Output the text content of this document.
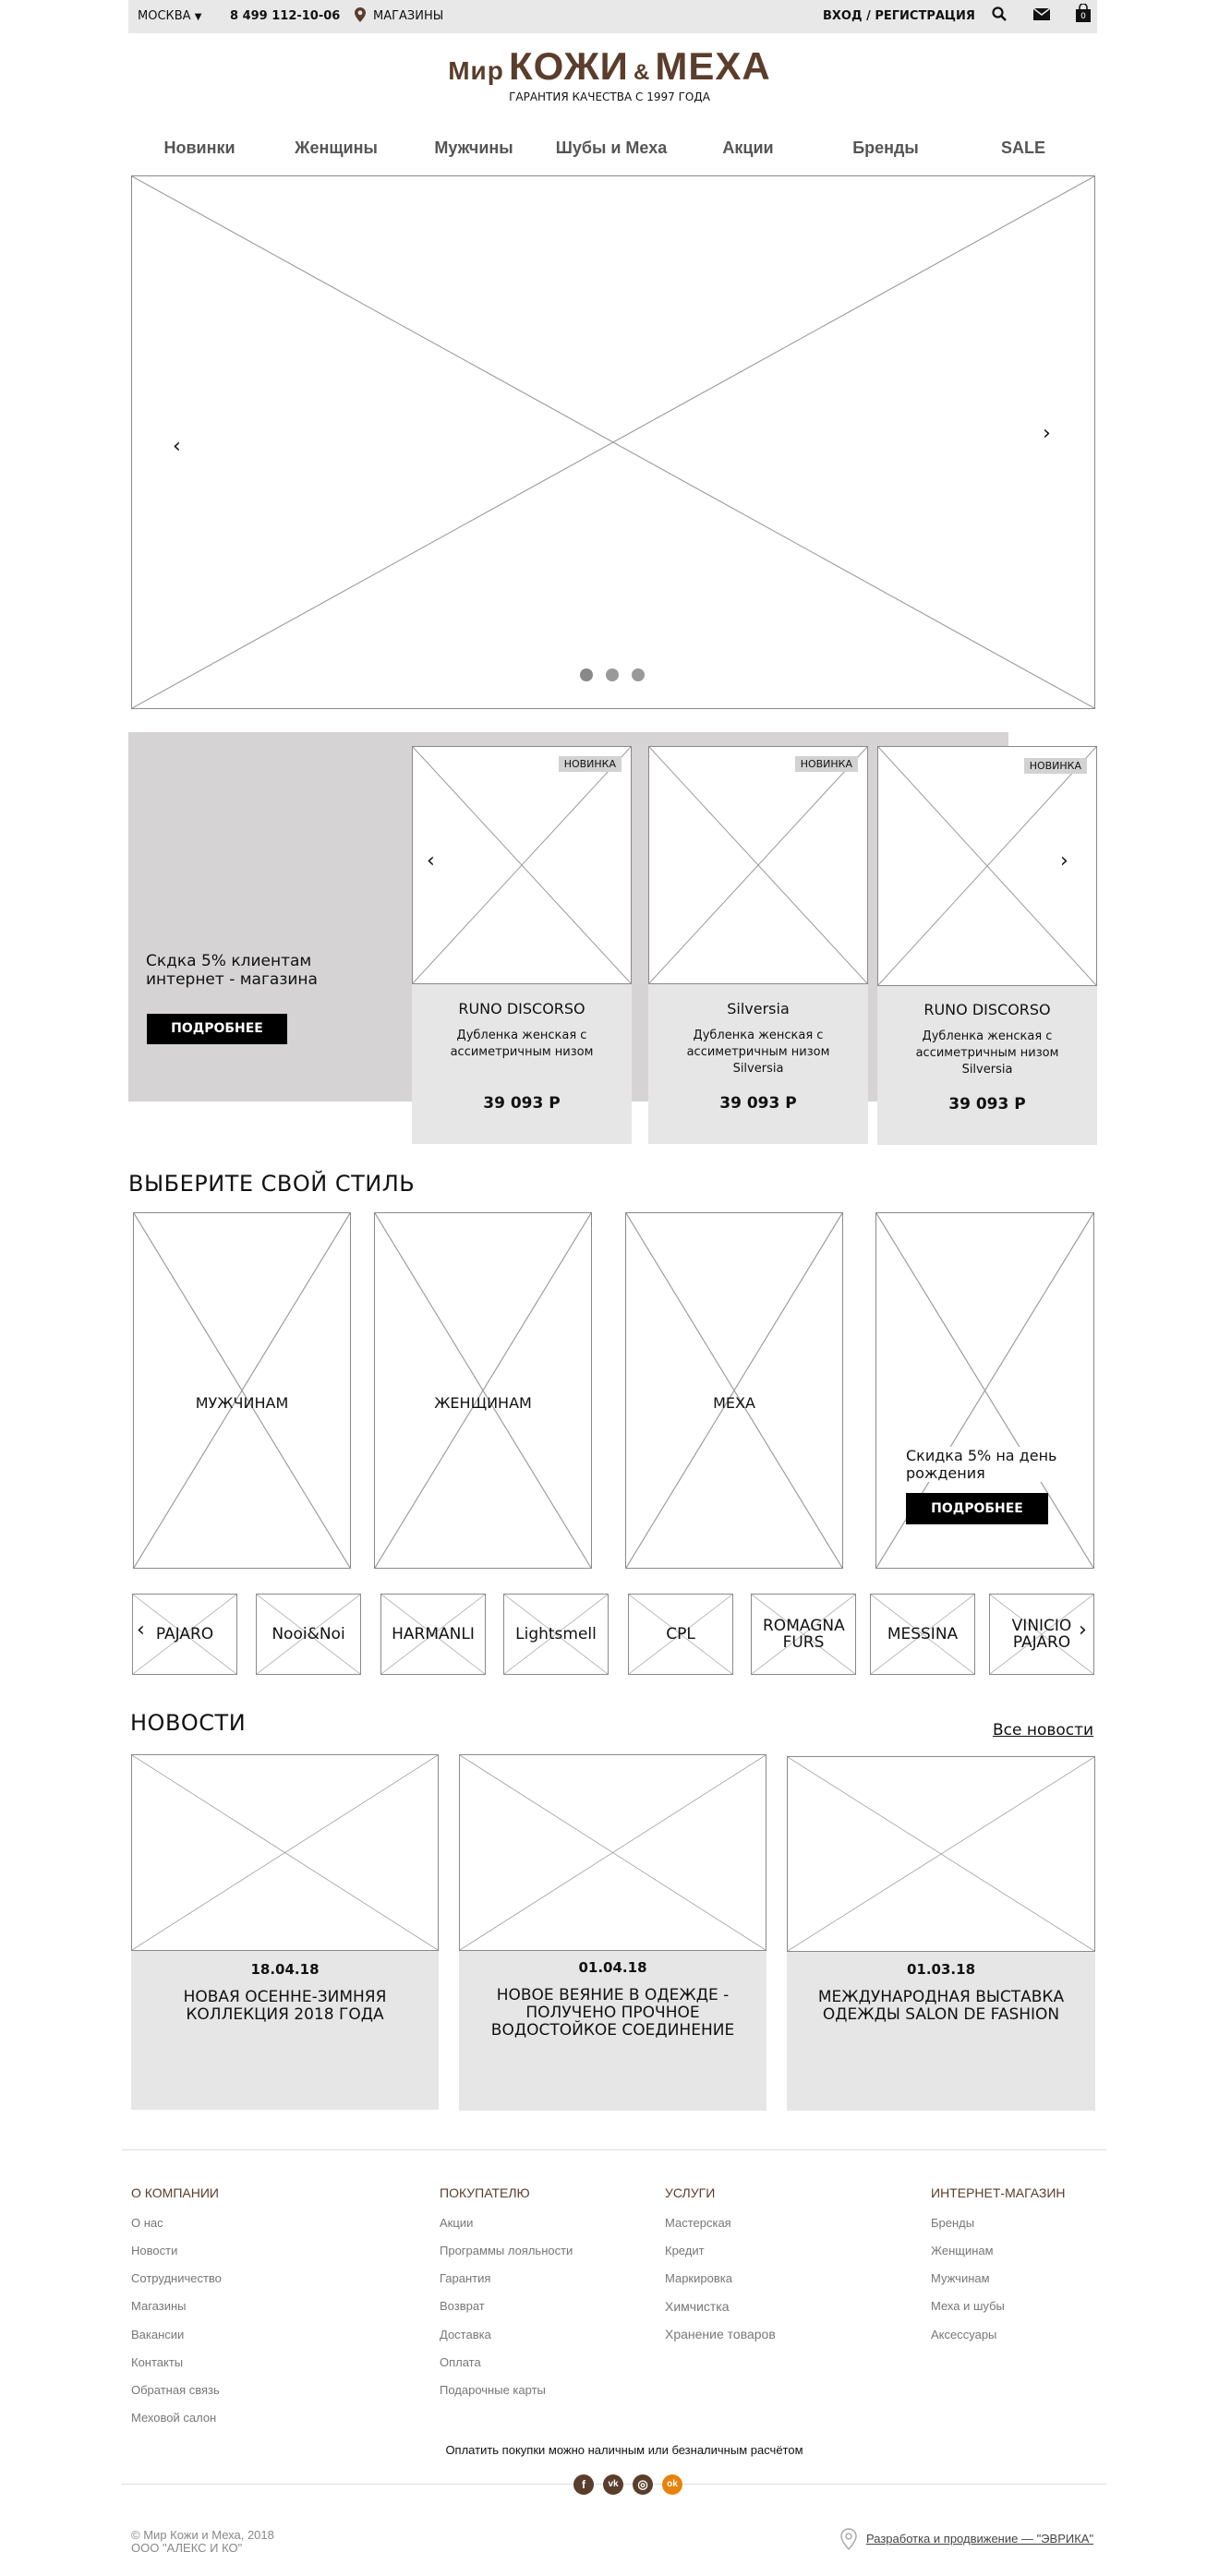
МОСКВА ▼ 8 499 112-10-06	МАГАЗИНЫ	ВХОД / РЕГИСТРАЦИЯ	0
Мир КОЖИ & МЕХА
ГАРАНТИЯ КАЧЕСТВА С 1997 ГОДА
Новинки	Женщины	Мужчины	Шубы и Меха	Акции	Бренды	SALE
‹
›
Скдка 5% клиентам интернет - магазина
ПОДРОБНЕЕ
НОВИНКА
‹
RUNO DISCORSO
Дубленка женская с ассиметричным низом
39 093 Р
НОВИНКА
Silversia
Дубленка женская с ассиметричным низом Silversia
39 093 Р
НОВИНКА
›
RUNO DISCORSO
Дубленка женская с ассиметричным низом Silversia
39 093 Р
ВЫБЕРИТЕ СВОЙ СТИЛЬ
МУЖЧИНАМ	ЖЕНЩИНАМ	МЕХА
Скидка 5% на день рождения
ПОДРОБНЕЕ
PAJARO
‹	Nooi&Noi	HARMANLI	Lightsmell	CPL	ROMAGNA FURS	MESSINA	VINICIO PAJARO
›
НОВОСТИ	Все новости
18.04.18
НОВАЯ ОСЕННЕ-ЗИМНЯЯ КОЛЛЕКЦИЯ 2018 ГОДА
01.04.18
НОВОЕ ВЕЯНИЕ В ОДЕЖДЕ - ПОЛУЧЕНО ПРОЧНОЕ ВОДОСТОЙКОЕ СОЕДИНЕНИЕ
01.03.18
МЕЖДУНАРОДНАЯ ВЫСТАВКА ОДЕЖДЫ SALON DE FASHION
О КОМПАНИИ
О нас
Новости
Сотрудничество
Магазины
Вакансии
Контакты
Обратная связь
Меховой салон
ПОКУПАТЕЛЮ
Акции
Программы лояльности
Гарантия
Возврат
Доставка
Оплата
Подарочные карты
УСЛУГИ
Мастерская
Кредит
Маркировка
Химчистка
Хранение товаров
ИНТЕРНЕТ-МАГАЗИН
Бренды
Женщинам
Мужчинам
Меха и шубы
Аксессуары
Оплатить покупки можно наличным или безналичным расчётом
f	vk	◎	ok
© Мир Кожи и Меха, 2018
ООО "АЛЕКС И КО"
Разработка и продвижение — "ЭВРИКА"
